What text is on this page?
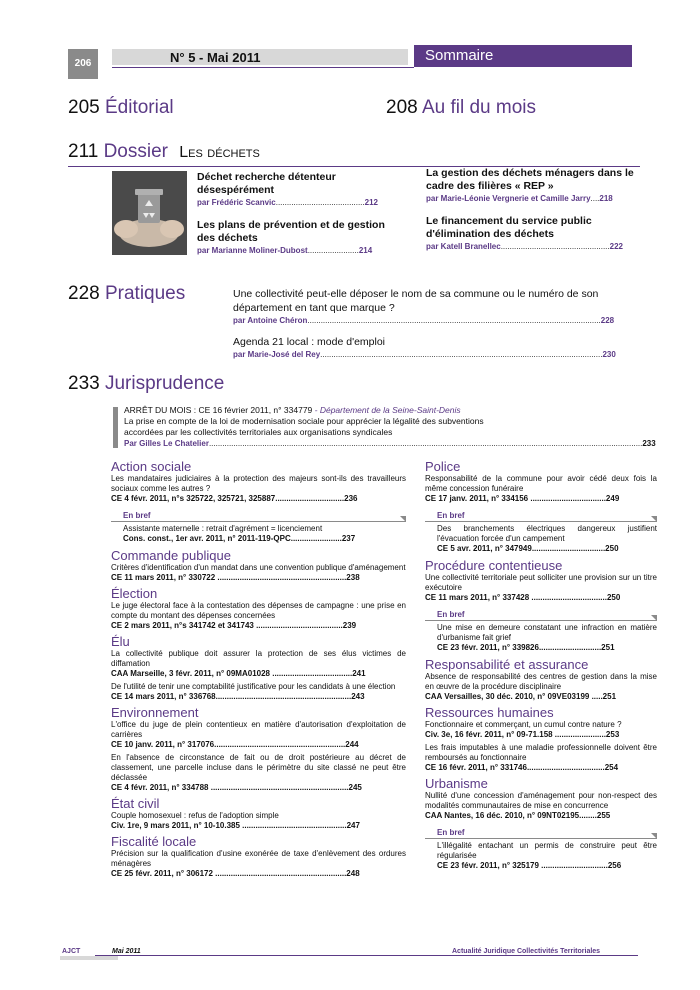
206	N° 5 - Mai 2011	Sommaire
205 Éditorial	208 Au fil du mois
211 Dossier Les déchets
Déchet recherche détenteur désespérément
par Frédéric Scanvic........................................212
Les plans de prévention et de gestion des déchets
par Marianne Moliner-Dubost.......................214
La gestion des déchets ménagers dans le cadre des filières « REP »
par Marie-Léonie Vergnerie et Camille Jarry....218
Le financement du service public d'élimination des déchets
par Katell Branellec.................................................222
228 Pratiques	Une collectivité peut-elle déposer le nom de sa commune ou le numéro de son département en tant que marque ?
par Antoine Chéron....................................................................................................................................228
Agenda 21 local : mode d'emploi
par Marie-José del Rey...............................................................................................................................230
233 Jurisprudence
ARRÊT DU MOIS : CE 16 février 2011, n° 334779 - Département de la Seine-Saint-Denis
La prise en compte de la loi de modernisation sociale pour apprécier la légalité des subventions accordées par les collectivités territoriales aux organisations syndicales
Par Gilles Le Chatelier...................................................................................................................................................................................................233
Action sociale
Les mandataires judiciaires à la protection des majeurs sont-ils des travailleurs sociaux comme les autres ?
CE 4 févr. 2011, n°s 325722, 325721, 325887...............................236
En bref
Assistante maternelle : retrait d'agrément = licenciement
Cons. const., 1er avr. 2011, n° 2011-119-QPC.......................237
Commande publique
Critères d'identification d'un mandat dans une convention publique d'aménagement
CE 11 mars 2011, n° 330722 ..........................................................238
Élection
Le juge électoral face à la contestation des dépenses de campagne : une prise en compte du montant des dépenses concernées
CE 2 mars 2011, n°s 341742 et 341743 .......................................239
Élu
La collectivité publique doit assurer la protection de ses élus victimes de diffamation
CAA Marseille, 3 févr. 2011, n° 09MA01028 ....................................241
De l'utilité de tenir une comptabilité justificative pour les candidats à une élection
CE 14 mars 2011, n° 336768.............................................................243
Environnement
L'office du juge de plein contentieux en matière d'autorisation d'exploitation de carrières
CE 10 janv. 2011, n° 317076...........................................................244
En l'absence de circonstance de fait ou de droit postérieure au décret de classement, une parcelle incluse dans le périmètre du site classé ne peut être déclassée
CE 4 févr. 2011, n° 334788 ..............................................................245
État civil
Couple homosexuel : refus de l'adoption simple
Civ. 1re, 9 mars 2011, n° 10-10.385 ...............................................247
Fiscalité locale
Précision sur la qualification d'usine exonérée de taxe d'enlèvement des ordures ménagères
CE 25 févr. 2011, n° 306172 ...........................................................248
Police
Responsabilité de la commune pour avoir cédé deux fois la même concession funéraire
CE 17 janv. 2011, n° 334156 ..................................249
En bref
Des branchements électriques dangereux justifient l'évacuation forcée d'un campement
CE 5 avr. 2011, n° 347949.................................250
Procédure contentieuse
Une collectivité territoriale peut solliciter une provision sur un titre exécutoire
CE 11 mars 2011, n° 337428 ..................................250
En bref
Une mise en demeure constatant une infraction en matière d'urbanisme fait grief
CE 23 févr. 2011, n° 339826............................251
Responsabilité et assurance
Absence de responsabilité des centres de gestion dans la mise en œuvre de la procédure disciplinaire
CAA Versailles, 30 déc. 2010, n° 09VE03199 .....251
Ressources humaines
Fonctionnaire et commerçant, un cumul contre nature ?
Civ. 3e, 16 févr. 2011, n° 09-71.158 .......................253
Les frais imputables à une maladie professionnelle doivent être remboursés au fonctionnaire
CE 16 févr. 2011, n° 331746...................................254
Urbanisme
Nullité d'une concession d'aménagement pour non-respect des modalités communautaires de mise en concurrence
CAA Nantes, 16 déc. 2010, n° 09NT02195........255
En bref
L'illégalité entachant un permis de construire peut être régularisée
CE 23 févr. 2011, n° 325179 ..............................256
AJCT	Mai 2011	Actualité Juridique Collectivités Territoriales
